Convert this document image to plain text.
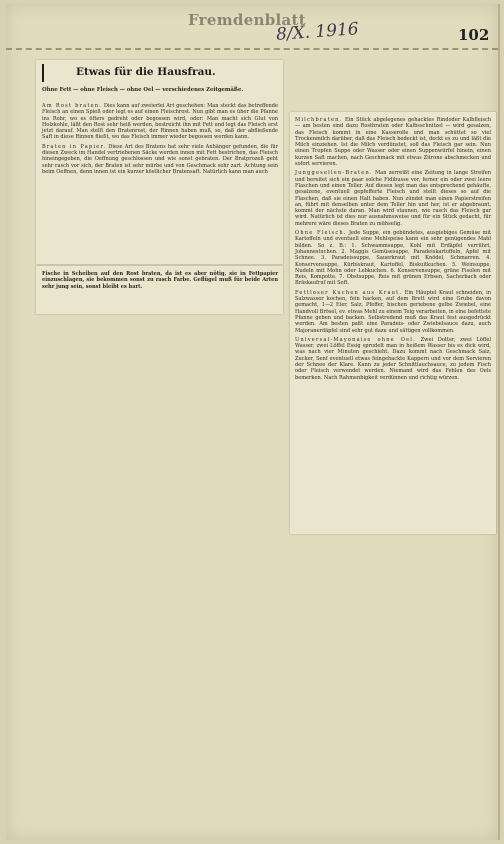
Fremdenblatt
8/X. 1916	102
Etwas für die Hausfrau.
Ohne Fett — ohne Fleisch — ohne Oel — verschiedenes Zeitgemäße.

Am Rost braten. Dies kann auf zweierlei Art geschehen: Man steckt das betreffende Fleisch an einen Spieß oder legt es auf einen Fleischrost. Nun gibt man es über die Pfanne ins Rohr, wo es öfters gedreht oder begossen wird, oder: Man macht sich Glut von Holzkohle, läßt den Rost sehr heiß werden, bestreicht ihn mit Fett und legt das Fleisch erst jetzt darauf. Man stellt den Bratenrost, der Rinnen haben muß, so, daß der abfließende Saft in diese Rinnen fließt, wo das Fleisch immer wieder begossen werden kann.

Braten in Papier. Diese Art des Bratens hat sehr viele Anhänger gefunden, die für diesen Zweck im Handel vertriebenen Säcke werden innen mit Fett bestrichen, das Fleisch hineingegeben, die Oeffnung geschlossen und wie sonst gebraten. Der Bratprozeß geht sehr rasch vor sich, der Braten ist sehr mürbe und von Geschmack sehr zart. Achtung sein beim Oeffnen, denn innen ist ein kurzer köstlicher Bratensaft. Natürlich kann man auch

Fische in Scheiben auf den Rost braten, da ist es aber nötig, sie in Fettpapier einzuschlagen, sie bekommen sonst zu rasch Farbe. Geflügel muß für beide Arten sehr jung sein, sonst bleibt es hart.

Milchbraten. Ein Stück abgelegenes gehacktes Rindoder Kalbfleisch — am besten sind dazu Rostbraten oder Kalbsschnitzel — wird gesalzen, das Fleisch kommt in eine Kasserolle und man schüttet so viel Trockenmilch darüber, daß das Fleisch bedeckt ist, deckt es zu und läßt die Milch einziehen. Ist die Milch verdünstet, soll das Fleisch gar sein. Nun einen Tropfen Suppe oder Wasser oder einen Suppenwürfel hinein, einen kurzen Saft machen, nach Geschmack mit etwas Zitrone abschmecken und sofort servieren.

Junggesellen-Braten. Man zerreißt eine Zeitung in lange Streifen und bereitet sich ein paar solche Fidibusse vor, ferner ein oder zwei leere Flaschen und einen Teller. Auf diesen legt man das entsprechend gehäufte, gesalzene, eventuell gepfefferte Fleisch und stellt dieses so auf die Flaschen, daß sie einen Halt haben. Nun zündet man einen Papierstreifen an, führt mit denselben unter dem Teller hin und her, ist er abgebraunt, kommt der nächste daran. Man wird staunen, wie rasch das Fleisch gar wird. Natürlich ist dies nur ausnahmsweise und für ein Stück gedacht, für mehrere wäre dieses Braten zu mühselig.

Ohne Fleisch. Jede Suppe, ein gebündetes, ausgiebiges Gemüse mit Kartoffeln und eventuell eine Mehlspeise kann ein sehr genügendes Mahl bilden. So z. B.: 1. Schwammsuppe, Kohl mit Erdäpfel verrührt, Johannestuchen. 2. Maggis Gemüsesuppe, Paradeiskartoffeln, Apfel mit Schnee. 3. Paradeissuppe, Sauerkraut mit Knödel, Schmarren. 4. Konservensuppe, Kürbiskraut, Kartoffel, Biskuitkuchen. 5. Weinsuppe, Nudeln mit Mohn oder Lebkuchen. 6. Konservensuppe, grüne Fisolen mit Reis, Kompotte. 7. Obstsuppe, Reis mit grünen Erbsen, Sacherbach oder Bräskaufruf mit Soft.

Fettloser Kuchen aus Kraut. Ein Häuptel Kraut schneiden, in Salzwasser kochen, fein hacken, auf dem Brett wird eine Grube davon gemacht, 1—2 Eier, Salz, Pfeffer, bischen geriebene gelbe Zwiebel, eine Handvoll Brösel, ev. etwas Mehl zu einem Teig verarbeiten, in eine befettete Pfanne geben und backen. Selbstredend muß das Kraut fest ausgedrückt werden. Am besten paßt eine Paradeis- oder Zwiebelsauce dazu, auch Majoranerdäpfel sind sehr gut dazu und sättigen vollkommen.

Universal-Mayonaise ohne Oel. Zwei Dotter, zwei Löffel Wasser, zwei Löffel Essig sprudelt man in heißem Wasser bis es dick wird, was nach vier Minuten geschieht. Dazu kommt nach Geschmack Salz, Zucker, Senf eventuell etwas feingehackte Kappern und vor dem Servieren der Schnee der Klare. Kann zu jeder Schnittlauchsauce, zu jedem Fisch oder Fleisch verwendet werden. Niemand wird das Fehlen des Oels bemerken. Nach Rahmenbigkeit verdünnen und richtig würzen.
